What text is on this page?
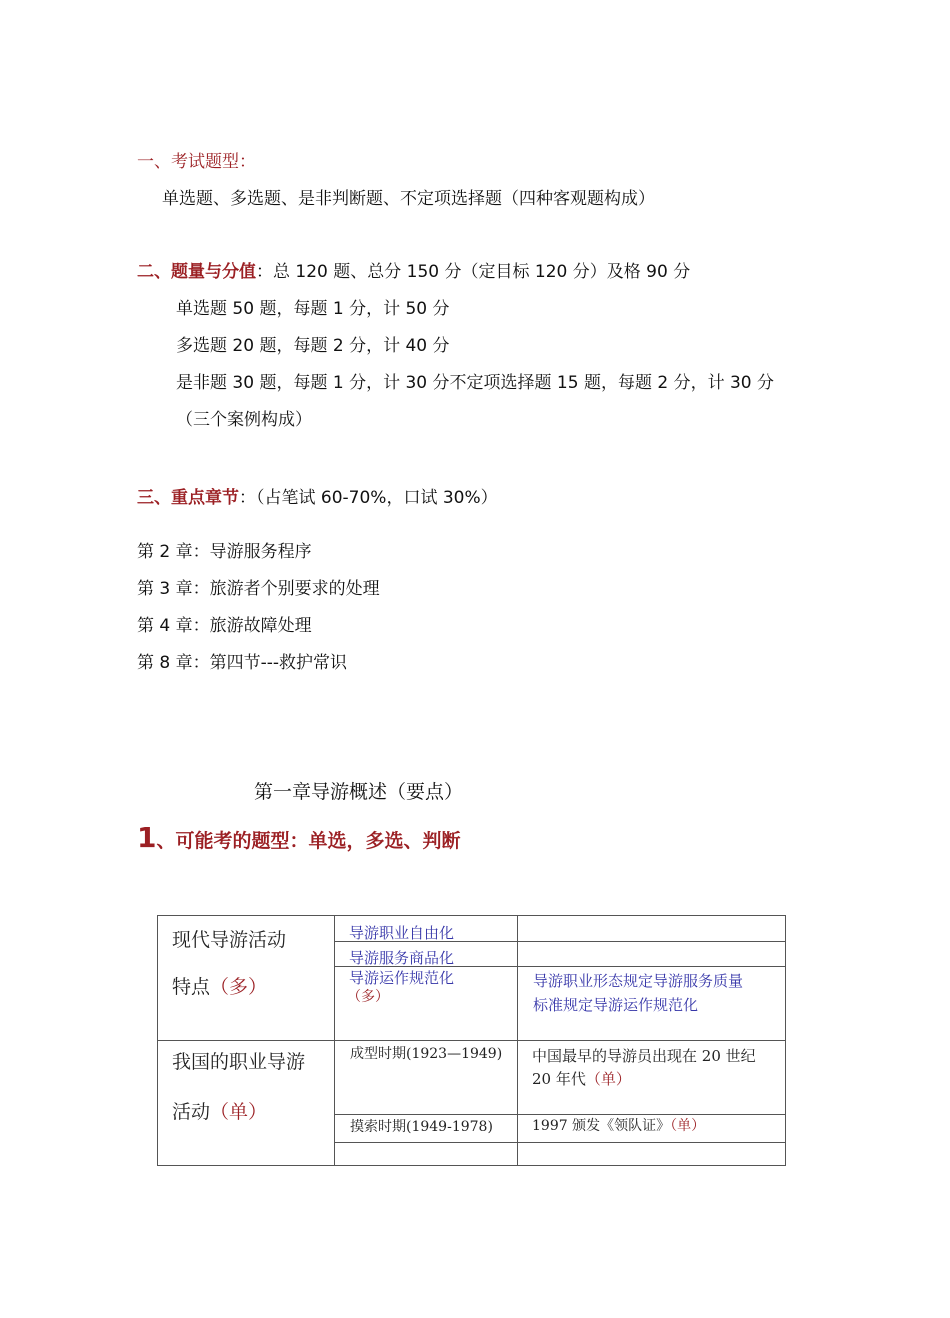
一、考试题型：
单选题、多选题、是非判断题、不定项选择题（四种客观题构成）
二、题量与分值：总 120 题、总分 150 分（定目标 120 分）及格 90 分
单选题 50 题，每题 1 分，计 50 分
多选题 20 题，每题 2 分，计 40 分
是非题 30 题，每题 1 分，计 30 分不定项选择题 15 题，每题 2 分，计 30 分
（三个案例构成）
三、重点章节：（占笔试 60-70%，口试 30%）
第 2 章：导游服务程序
第 3 章：旅游者个别要求的处理
第 4 章：旅游故障处理
第 8 章：第四节---救护常识
第一章导游概述（要点）
1、可能考的题型：单选，多选、判断
现代导游活动
特点（多）
导游职业自由化
导游服务商品化
导游运作规范化
（多）
导游职业形态规定导游服务质量
标准规定导游运作规范化
我国的职业导游
活动（单）
成型时期(1923—1949) 中国最早的导游员出现在 20 世纪
20 年代（单）
摸索时期(1949-1978)	1997 颁发《领队证》（单）
